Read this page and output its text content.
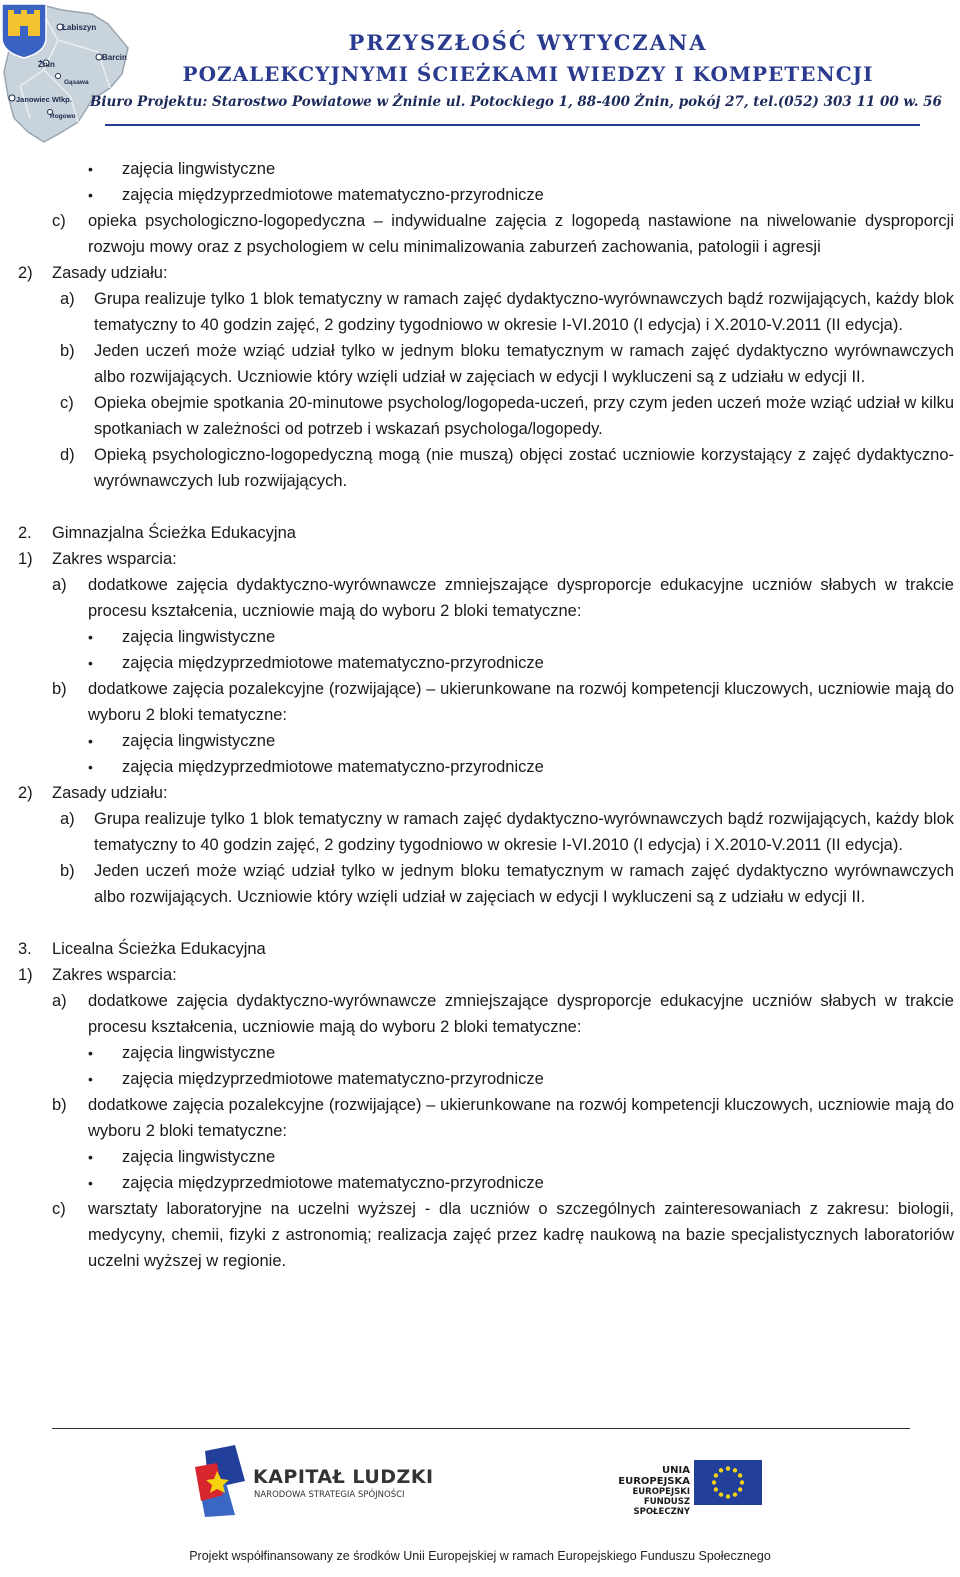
Łabiszyn
Barcin
Żnin
Gąsawa
Janowiec Wlkp.
Rogowo
PRZYSZŁOŚĆ WYTYCZANA
POZALEKCYJNYMI ŚCIEŻKAMI WIEDZY I KOMPETENCJI
Biuro Projektu: Starostwo Powiatowe w Żninie ul. Potockiego 1, 88-400 Żnin, pokój 27, tel.(052) 303 11 00 w. 56
• zajęcia lingwistyczne
• zajęcia międzyprzedmiotowe matematyczno-przyrodnicze
c) opieka psychologiczno-logopedyczna – indywidualne zajęcia z logopedą nastawione na niwelowanie dysproporcji rozwoju mowy oraz z psychologiem w celu minimalizowania zaburzeń zachowania, patologii i agresji
2) Zasady udziału:
a) Grupa realizuje tylko 1 blok tematyczny w ramach zajęć dydaktyczno-wyrównawczych bądź rozwijających, każdy blok tematyczny to 40 godzin zajęć, 2 godziny tygodniowo w okresie I-VI.2010 (I edycja) i X.2010-V.2011 (II edycja).
b) Jeden uczeń może wziąć udział tylko w jednym bloku tematycznym w ramach zajęć dydaktyczno wyrównawczych albo rozwijających. Uczniowie który wzięli udział w zajęciach w edycji I wykluczeni są z udziału w edycji II.
c) Opieka obejmie spotkania 20-minutowe psycholog/logopeda-uczeń, przy czym jeden uczeń może wziąć udział w kilku spotkaniach w zależności od potrzeb i wskazań psychologa/logopedy.
d) Opieką psychologiczno-logopedyczną mogą (nie muszą) objęci zostać uczniowie korzystający z zajęć dydaktyczno-wyrównawczych lub rozwijających.
2. Gimnazjalna Ścieżka Edukacyjna
1) Zakres wsparcia:
a) dodatkowe zajęcia dydaktyczno-wyrównawcze zmniejszające dysproporcje edukacyjne uczniów słabych w trakcie procesu kształcenia, uczniowie mają do wyboru 2 bloki tematyczne:
• zajęcia lingwistyczne
• zajęcia międzyprzedmiotowe matematyczno-przyrodnicze
b) dodatkowe zajęcia pozalekcyjne (rozwijające) – ukierunkowane na rozwój kompetencji kluczowych, uczniowie mają do wyboru 2 bloki tematyczne:
• zajęcia lingwistyczne
• zajęcia międzyprzedmiotowe matematyczno-przyrodnicze
2) Zasady udziału:
a) Grupa realizuje tylko 1 blok tematyczny w ramach zajęć dydaktyczno-wyrównawczych bądź rozwijających, każdy blok tematyczny to 40 godzin zajęć, 2 godziny tygodniowo w okresie I-VI.2010 (I edycja) i X.2010-V.2011 (II edycja).
b) Jeden uczeń może wziąć udział tylko w jednym bloku tematycznym w ramach zajęć dydaktyczno wyrównawczych albo rozwijających. Uczniowie który wzięli udział w zajęciach w edycji I wykluczeni są z udziału w edycji II.
3. Licealna Ścieżka Edukacyjna
1) Zakres wsparcia:
a) dodatkowe zajęcia dydaktyczno-wyrównawcze zmniejszające dysproporcje edukacyjne uczniów słabych w trakcie procesu kształcenia, uczniowie mają do wyboru 2 bloki tematyczne:
• zajęcia lingwistyczne
• zajęcia międzyprzedmiotowe matematyczno-przyrodnicze
b) dodatkowe zajęcia pozalekcyjne (rozwijające) – ukierunkowane na rozwój kompetencji kluczowych, uczniowie mają do wyboru 2 bloki tematyczne:
• zajęcia lingwistyczne
• zajęcia międzyprzedmiotowe matematyczno-przyrodnicze
c) warsztaty laboratoryjne na uczelni wyższej - dla uczniów o szczególnych zainteresowaniach z zakresu: biologii, medycyny, chemii, fizyki z astronomią; realizacja zajęć przez kadrę naukową na bazie specjalistycznych laboratoriów uczelni wyższej w regionie.
KAPITAŁ LUDZKI
NARODOWA STRATEGIA SPÓJNOŚCI
UNIA EUROPEJSKA
EUROPEJSKI
FUNDUSZ SPOŁECZNY
Projekt współfinansowany ze środków Unii Europejskiej w ramach Europejskiego Funduszu Społecznego
